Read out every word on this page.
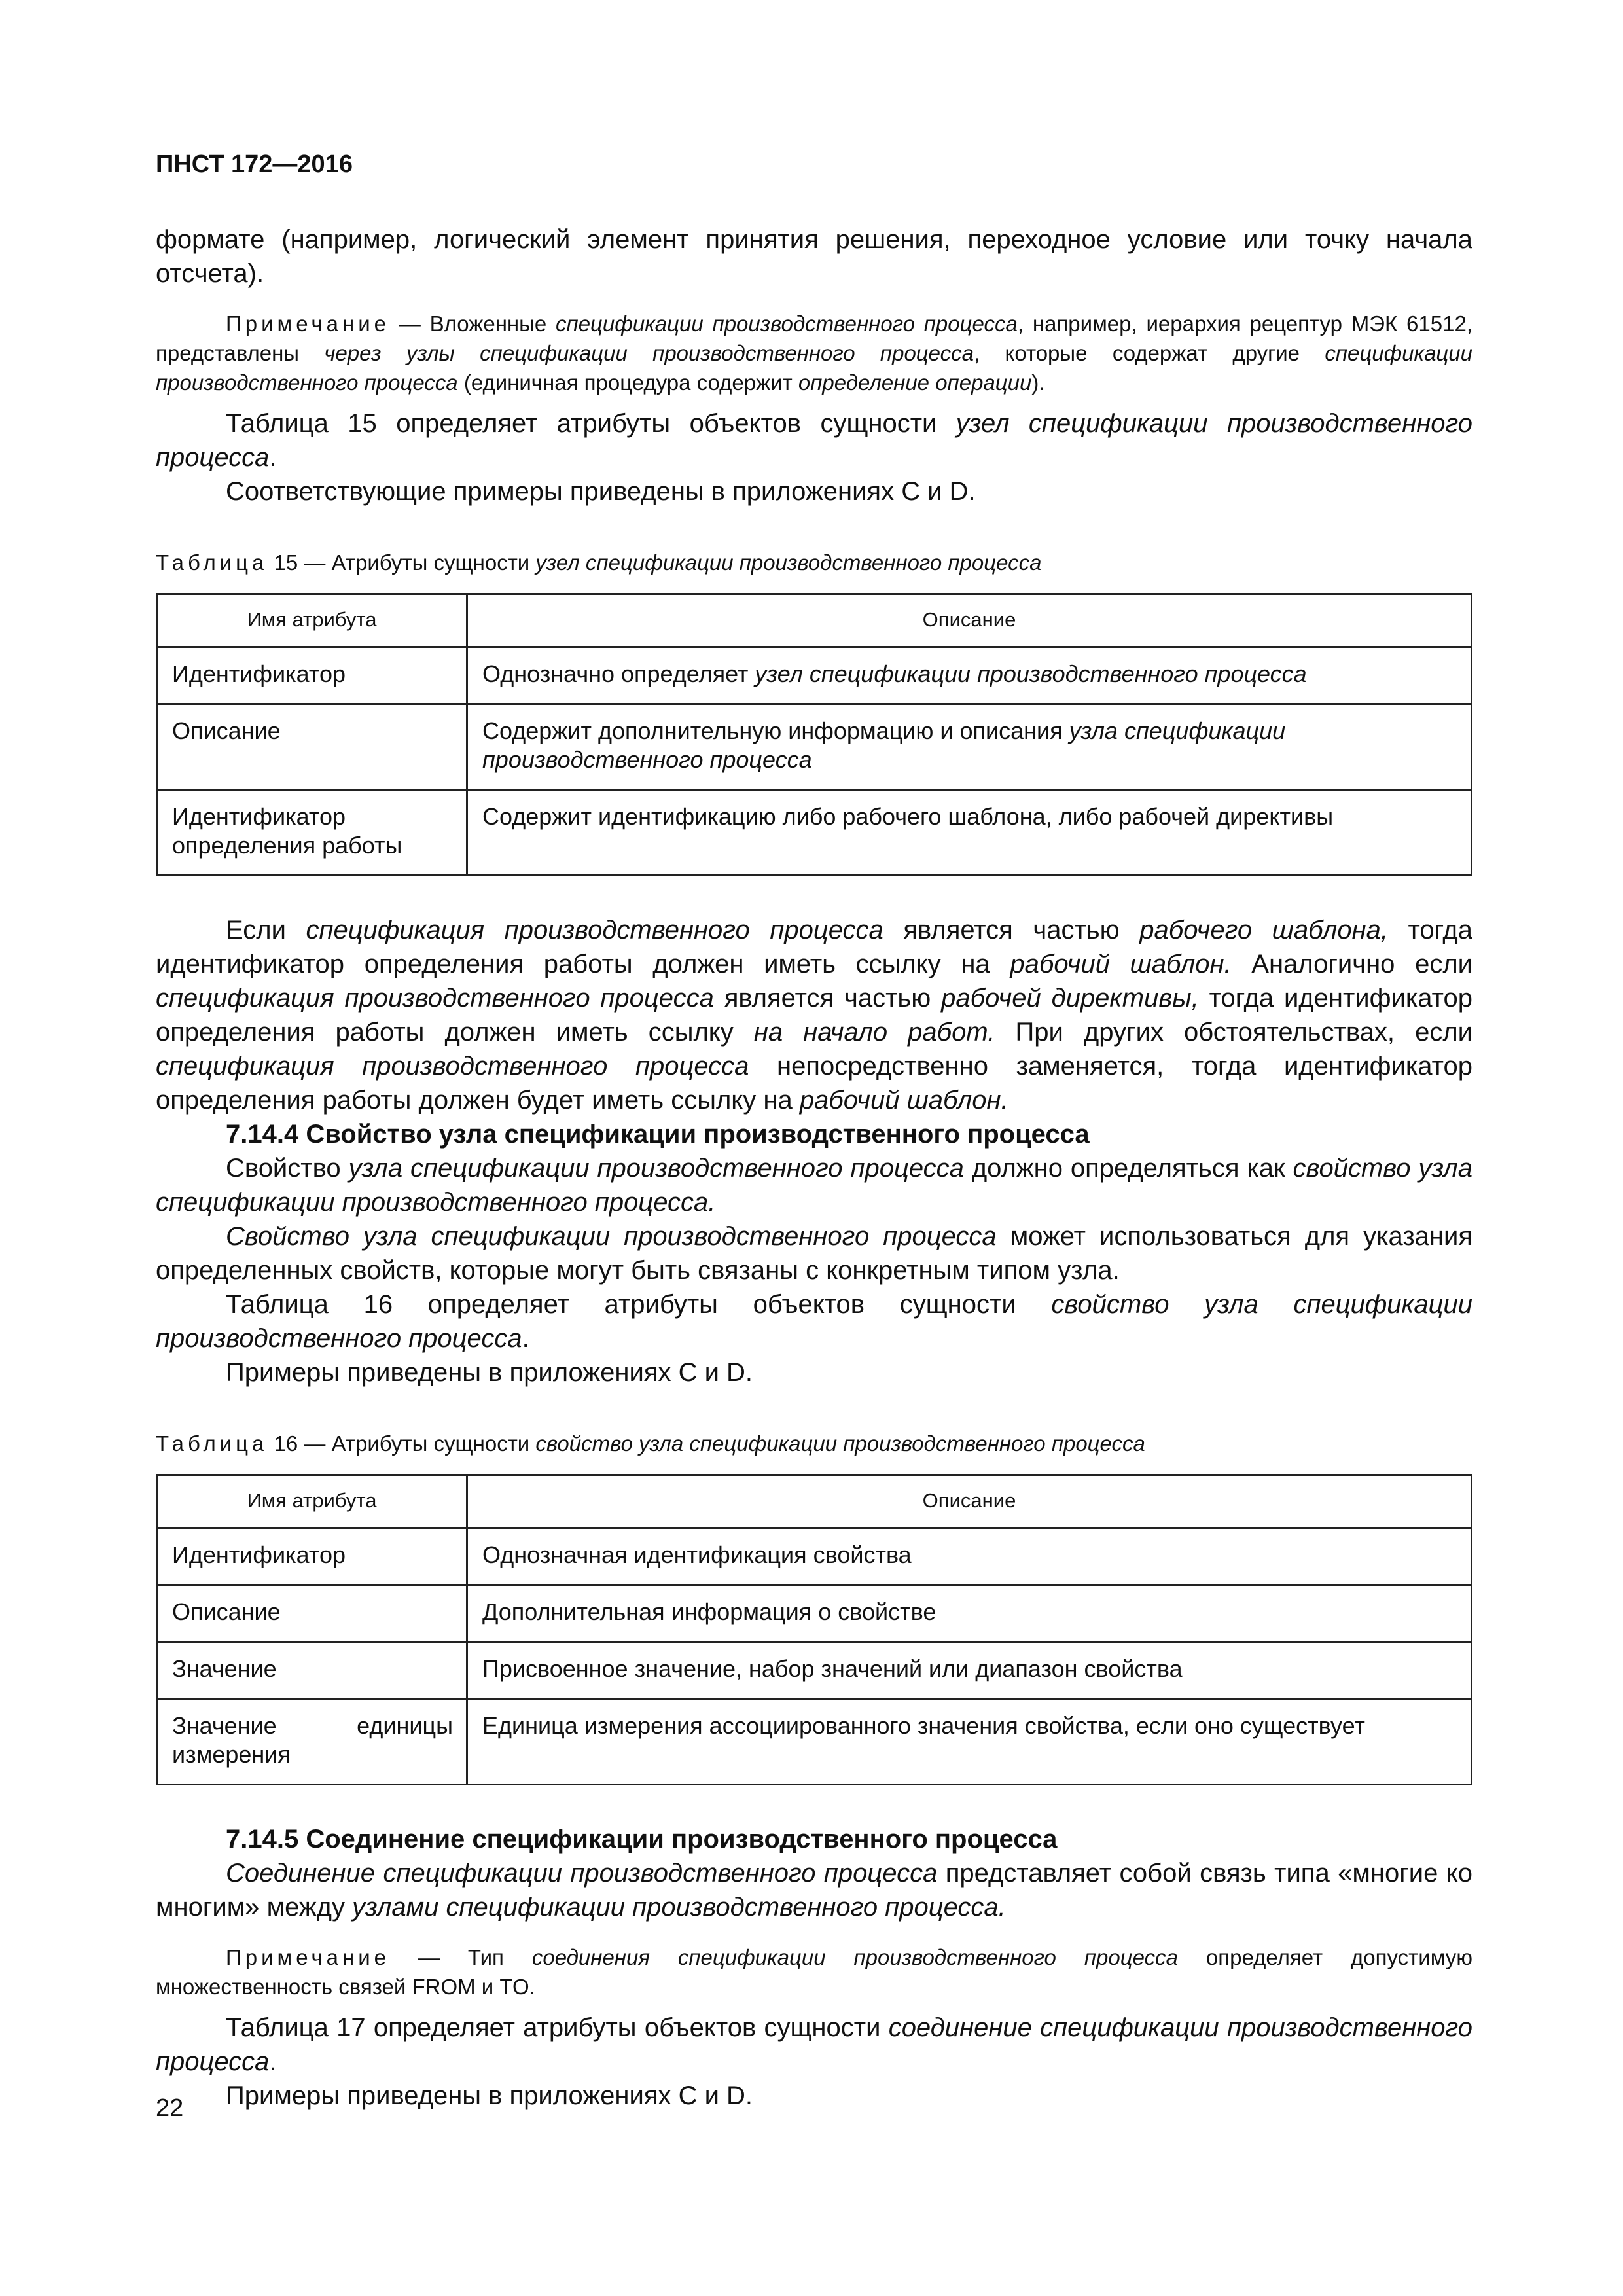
ПНСТ 172—2016

формате (например, логический элемент принятия решения, переходное условие или точку начала отсчета).

Примечание — Вложенные спецификации производственного процесса, например, иерархия рецептур МЭК 61512, представлены через узлы спецификации производственного процесса, которые содержат другие спецификации производственного процесса (единичная процедура содержит определение операции).

Таблица 15 определяет атрибуты объектов сущности узел спецификации производственного процесса.

Соответствующие примеры приведены в приложениях C и D.

Таблица 15 — Атрибуты сущности узел спецификации производственного процесса

Имя атрибута	Описание
Идентификатор	Однозначно определяет узел спецификации производственного процесса
Описание	Содержит дополнительную информацию и описания узла спецификации производственного процесса
Идентификатор определения работы	Содержит идентификацию либо рабочего шаблона, либо рабочей директивы

Если спецификация производственного процесса является частью рабочего шаблона, тогда идентификатор определения работы должен иметь ссылку на рабочий шаблон. Аналогично если спецификация производственного процесса является частью рабочей директивы, тогда идентификатор определения работы должен иметь ссылку на начало работ. При других обстоятельствах, если спецификация производственного процесса непосредственно заменяется, тогда идентификатор определения работы должен будет иметь ссылку на рабочий шаблон.

7.14.4 Свойство узла спецификации производственного процесса

Свойство узла спецификации производственного процесса должно определяться как свойство узла спецификации производственного процесса.

Свойство узла спецификации производственного процесса может использоваться для указания определенных свойств, которые могут быть связаны с конкретным типом узла.

Таблица 16 определяет атрибуты объектов сущности свойство узла спецификации производственного процесса.

Примеры приведены в приложениях C и D.

Таблица 16 — Атрибуты сущности свойство узла спецификации производственного процесса

Имя атрибута	Описание
Идентификатор	Однозначная идентификация свойства
Описание	Дополнительная информация о свойстве
Значение	Присвоенное значение, набор значений или диапазон свойства
Значение единицы измерения	Единица измерения ассоциированного значения свойства, если оно существует

7.14.5 Соединение спецификации производственного процесса

Соединение спецификации производственного процесса представляет собой связь типа «многие ко многим» между узлами спецификации производственного процесса.

Примечание — Тип соединения спецификации производственного процесса определяет допустимую множественность связей FROM и TO.

Таблица 17 определяет атрибуты объектов сущности соединение спецификации производственного процесса.

Примеры приведены в приложениях C и D.

22
